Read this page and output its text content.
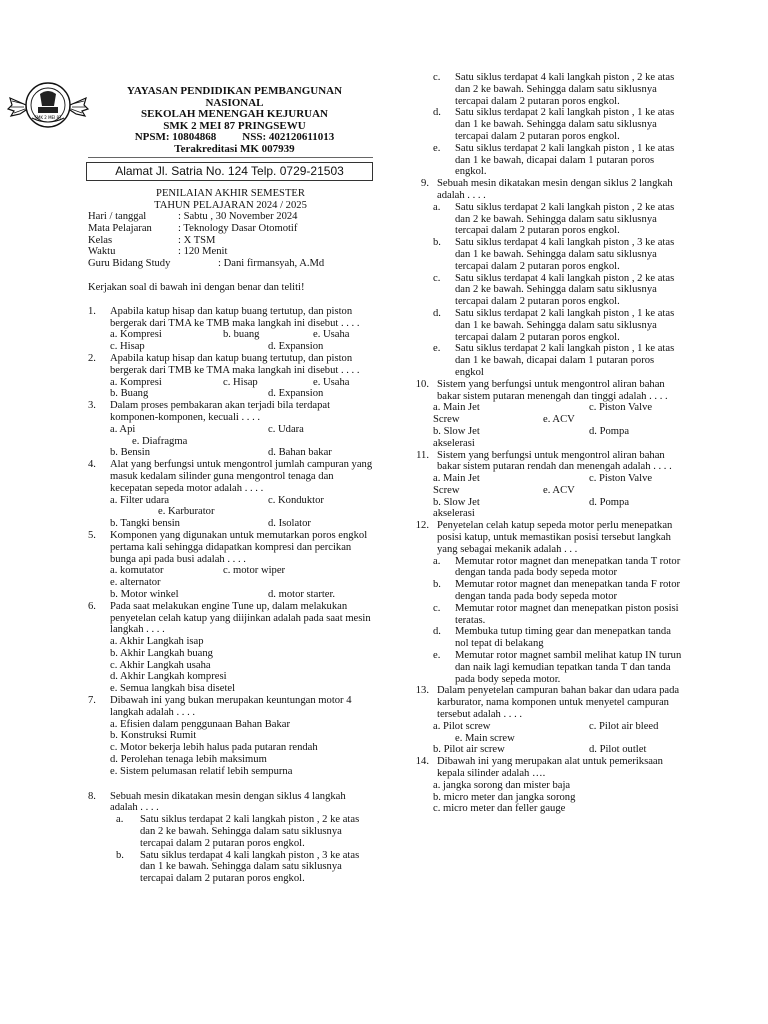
SMK 2 MEI 87
YAYASAN PENDIDIKAN PEMBANGUNAN
NASIONAL
SEKOLAH MENENGAH KEJURUAN
SMK 2 MEI 87 PRINGSEWU
NPSM: 10804868 NSS: 402120611013
Terakreditasi MK 007939
Alamat Jl. Satria No. 124 Telp. 0729-21503
PENILAIAN AKHIR SEMESTER
TAHUN PELAJARAN 2024 / 2025
Hari / tanggal	: Sabtu , 30 November 2024
Mata Pelajaran	: Teknology Dasar Otomotif
Kelas	: X TSM
Waktu	: 120 Menit
Guru Bidang Study	: Dani firmansyah, A.Md
Kerjakan soal di bawah ini dengan benar dan teliti!
1.	Apabila katup hisap dan katup buang tertutup, dan piston bergerak dari TMA ke TMB maka langkah ini disebut . . . .
a. Kompresi	b. buang	e. Usaha
c. Hisap	d. Expansion
2.	Apabila katup hisap dan katup buang tertutup, dan piston bergerak dari TMB ke TMA maka langkah ini disebut . . . .
a. Kompresi	c. Hisap	e. Usaha
b. Buang	d. Expansion
3.	Dalam proses pembakaran akan terjadi bila terdapat komponen-komponen, kecuali . . . .
a. Api	c. Udara
e. Diafragma
b. Bensin	d. Bahan bakar
4.	Alat yang berfungsi untuk mengontrol jumlah campuran yang masuk kedalam silinder guna mengontrol tenaga dan kecepatan sepeda motor adalah . . . .
a. Filter udara	c. Konduktor
e. Karburator
b. Tangki bensin	d. Isolator
5.	Komponen yang digunakan untuk memutarkan poros engkol pertama kali sehingga didapatkan kompresi dan percikan bunga api pada busi adalah . . . .
a. komutator	c. motor wiper
e. alternator
b. Motor winkel	d. motor starter.
6.	Pada saat melakukan engine Tune up, dalam melakukan penyetelan celah katup yang diijinkan adalah pada saat mesin langkah . . . .
a. Akhir Langkah isap
b. Akhir Langkah buang
c. Akhir Langkah usaha
d. Akhir Langkah kompresi
e. Semua langkah bisa disetel
7.	Dibawah ini yang bukan merupakan keuntungan motor 4 langkah adalah . . . .
a. Efisien dalam penggunaan Bahan Bakar
b. Konstruksi Rumit
c. Motor bekerja lebih halus pada putaran rendah
d. Perolehan tenaga lebih maksimum
e. Sistem pelumasan relatif lebih sempurna
8.	Sebuah mesin dikatakan mesin dengan siklus 4 langkah adalah . . . .
a.	Satu siklus terdapat 2 kali langkah piston , 2 ke atas dan 2 ke bawah. Sehingga dalam satu siklusnya tercapai dalam 2 putaran poros engkol.
b.	Satu siklus terdapat 4 kali langkah piston , 3 ke atas dan 1 ke bawah. Sehingga dalam satu siklusnya tercapai dalam 2 putaran poros engkol.
c.	Satu siklus terdapat 4 kali langkah piston , 2 ke atas dan 2 ke bawah. Sehingga dalam satu siklusnya tercapai dalam 2 putaran poros engkol.
d.	Satu siklus terdapat 2 kali langkah piston , 1 ke atas dan 1 ke bawah. Sehingga dalam satu siklusnya tercapai dalam 2 putaran poros engkol.
e.	Satu siklus terdapat 2 kali langkah piston , 1 ke atas dan 1 ke bawah, dicapai dalam 1 putaran poros engkol.
9. Sebuah mesin dikatakan mesin dengan siklus 2 langkah adalah . . . .
a.	Satu siklus terdapat 2 kali langkah piston , 2 ke atas dan 2 ke bawah. Sehingga dalam satu siklusnya tercapai dalam 2 putaran poros engkol.
b.	Satu siklus terdapat 4 kali langkah piston , 3 ke atas dan 1 ke bawah. Sehingga dalam satu siklusnya tercapai dalam 2 putaran poros engkol.
c.	Satu siklus terdapat 4 kali langkah piston , 2 ke atas dan 2 ke bawah. Sehingga dalam satu siklusnya tercapai dalam 2 putaran poros engkol.
d.	Satu siklus terdapat 2 kali langkah piston , 1 ke atas dan 1 ke bawah. Sehingga dalam satu siklusnya tercapai dalam 2 putaran poros engkol.
e.	Satu siklus terdapat 2 kali langkah piston , 1 ke atas dan 1 ke bawah, dicapai dalam 1 putaran poros engkol
10. Sistem yang berfungsi untuk mengontrol aliran bahan bakar sistem putaran menengah dan tinggi adalah . . . .
a. Main Jet	c. Piston Valve
Screw	e. ACV
b. Slow Jet	d. Pompa
akselerasi
11. Sistem yang berfungsi untuk mengontrol aliran bahan bakar sistem putaran rendah dan menengah adalah . . . .
a. Main Jet	c. Piston Valve
Screw	e. ACV
b. Slow Jet	d. Pompa
akselerasi
12. Penyetelan celah katup sepeda motor perlu menepatkan posisi katup, untuk memastikan posisi tersebut langkah yang sebagai mekanik adalah . . .
a.	Memutar rotor magnet dan menepatkan tanda T rotor dengan tanda pada body sepeda motor
b.	Memutar rotor magnet dan menepatkan tanda F rotor dengan tanda pada body sepeda motor
c.	Memutar rotor magnet dan menepatkan piston posisi teratas.
d.	Membuka tutup timing gear dan menepatkan tanda nol tepat di belakang
e.	Memutar rotor magnet sambil melihat katup IN turun dan naik lagi kemudian tepatkan tanda T dan tanda pada body sepeda motor.
13. Dalam penyetelan campuran bahan bakar dan udara pada karburator, nama komponen untuk menyetel campuran tersebut adalah . . . .
a. Pilot screw	c. Pilot air bleed
e. Main screw
b. Pilot air screw	d. Pilot outlet
14. Dibawah ini yang merupakan alat untuk pemeriksaan kepala silinder adalah ….
a. jangka sorong dan mister baja
b. micro meter dan jangka sorong
c. micro meter dan feller gauge
